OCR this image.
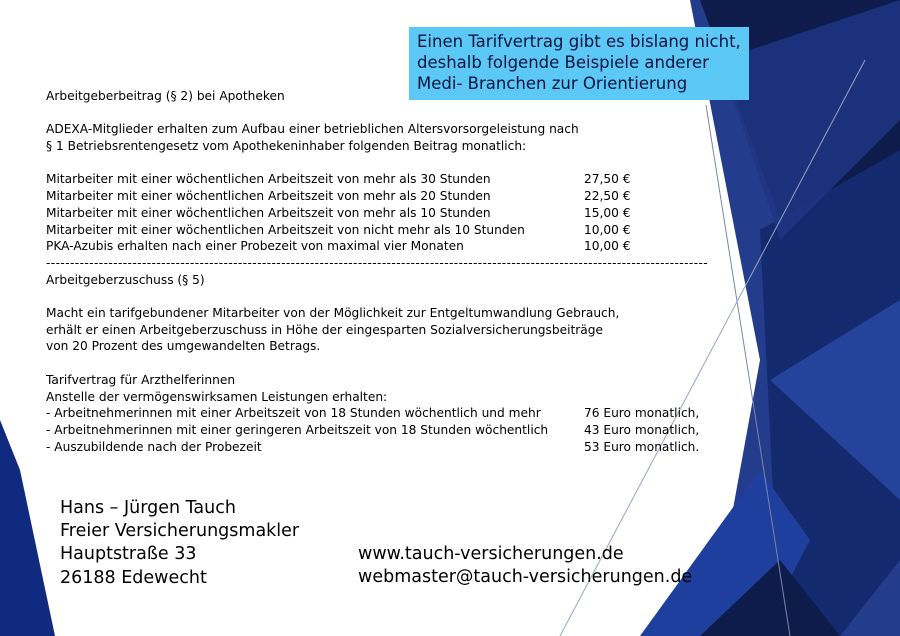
Einen Tarifvertrag gibt es bislang nicht,
deshalb folgende Beispiele anderer
Medi- Branchen zur Orientierung
Arbeitgeberbeitrag (§ 2) bei Apotheken
ADEXA-Mitglieder erhalten zum Aufbau einer betrieblichen Altersvorsorgeleistung nach
§ 1 Betriebsrentengesetz vom Apothekeninhaber folgenden Beitrag monatlich:
Mitarbeiter mit einer wöchentlichen Arbeitszeit von mehr als 30 Stunden	27,50 €
Mitarbeiter mit einer wöchentlichen Arbeitszeit von mehr als 20 Stunden	22,50 €
Mitarbeiter mit einer wöchentlichen Arbeitszeit von mehr als 10 Stunden	15,00 €
Mitarbeiter mit einer wöchentlichen Arbeitszeit von nicht mehr als 10 Stunden	10,00 €
PKA-Azubis erhalten nach einer Probezeit von maximal vier Monaten	10,00 €
------------------------------------------------------------------------------------------------------------------------------------------
Arbeitgeberzuschuss (§ 5)
Macht ein tarifgebundener Mitarbeiter von der Möglichkeit zur Entgeltumwandlung Gebrauch,
erhält er einen Arbeitgeberzuschuss in Höhe der eingesparten Sozialversicherungsbeiträge
von 20 Prozent des umgewandelten Betrags.
Tarifvertrag für Arzthelferinnen
Anstelle der vermögenswirksamen Leistungen erhalten:
- Arbeitnehmerinnen mit einer Arbeitszeit von 18 Stunden wöchentlich und mehr	76 Euro monatlich,
- Arbeitnehmerinnen mit einer geringeren Arbeitszeit von 18 Stunden wöchentlich	43 Euro monatlich,
- Auszubildende nach der Probezeit	53 Euro monatlich.
Hans – Jürgen Tauch
Freier Versicherungsmakler
Hauptstraße 33
26188 Edewecht
www.tauch-versicherungen.de
webmaster@tauch-versicherungen.de
